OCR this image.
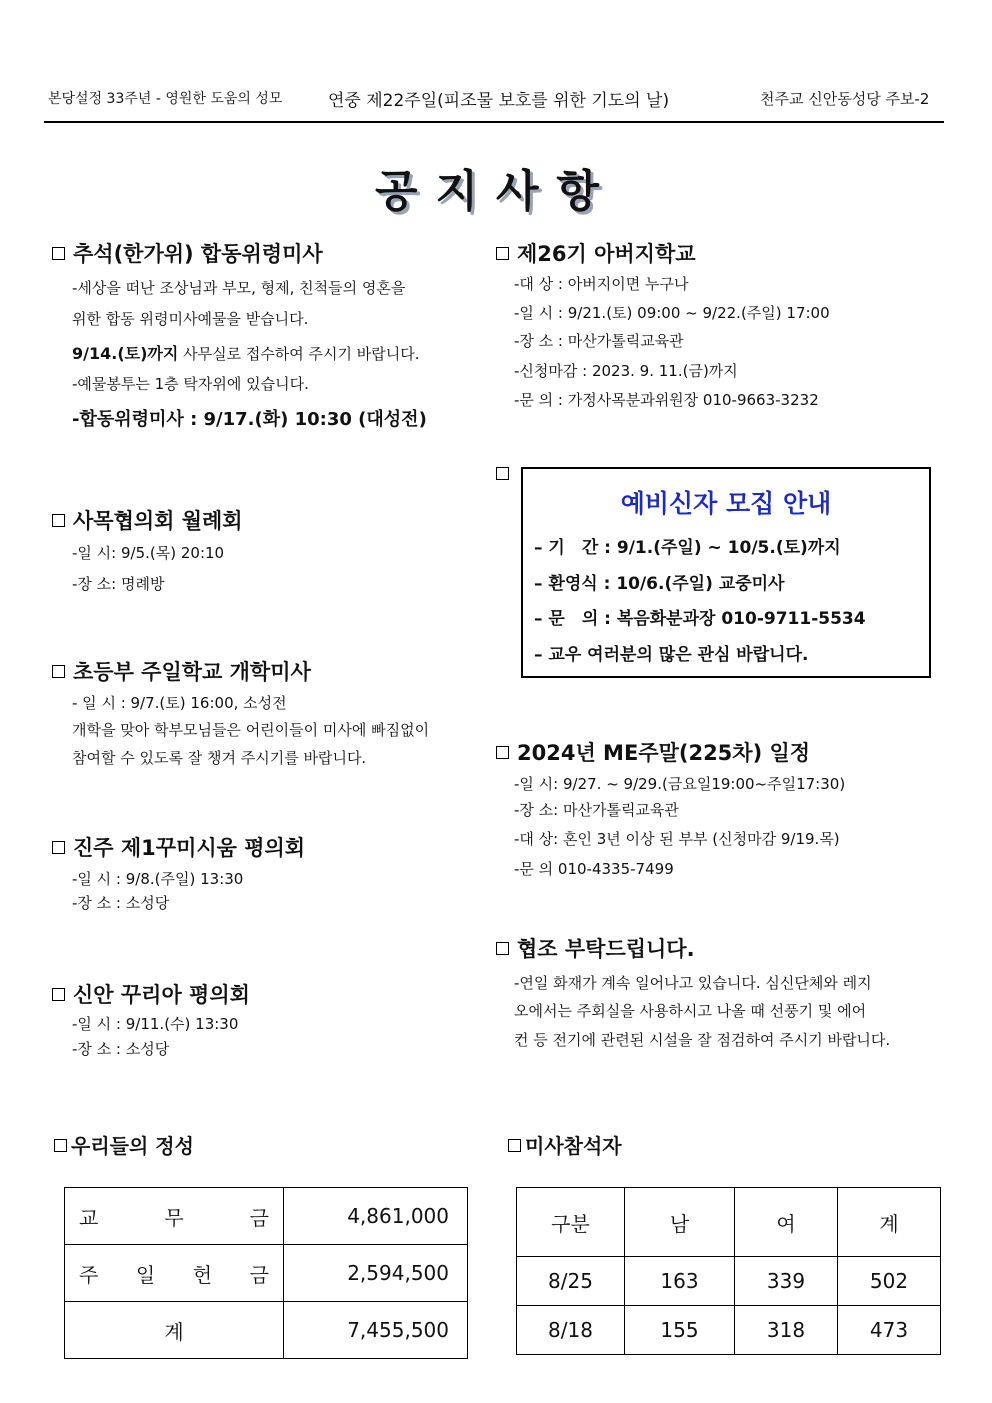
본당설정 33주년 - 영원한 도움의 성모	연중 제22주일(피조물 보호를 위한 기도의 날)	천주교 신안동성당 주보-2
공지사항
추석(한가위) 합동위령미사
-세상을 떠난 조상님과 부모, 형제, 친척들의 영혼을
위한 합동 위령미사예물을 받습니다.
9/14.(토)까지 사무실로 접수하여 주시기 바랍니다.
-예물봉투는 1층 탁자위에 있습니다.
-합동위령미사 : 9/17.(화) 10:30 (대성전)
사목협의회 월례회
-일 시: 9/5.(목) 20:10
-장 소: 명례방
초등부 주일학교 개학미사
- 일 시 : 9/7.(토) 16:00, 소성전
개학을 맞아 학부모님들은 어린이들이 미사에 빠짐없이
참여할 수 있도록 잘 챙겨 주시기를 바랍니다.
진주 제1꾸미시움 평의회
-일 시 : 9/8.(주일) 13:30
-장 소 : 소성당
신안 꾸리아 평의회
-일 시 : 9/11.(수) 13:30
-장 소 : 소성당
제26기 아버지학교
-대 상 : 아버지이면 누구나
-일 시 : 9/21.(토) 09:00 ~ 9/22.(주일) 17:00
-장 소 : 마산가톨릭교육관
-신청마감 : 2023. 9. 11.(금)까지
-문 의 : 가정사목분과위원장 010-9663-3232
예비신자 모집 안내
– 기　간 : 9/1.(주일) ~ 10/5.(토)까지
– 환영식 : 10/6.(주일) 교중미사
– 문　의 : 복음화분과장 010-9711-5534
– 교우 여러분의 많은 관심 바랍니다.
2024년 ME주말(225차) 일정
-일 시: 9/27. ~ 9/29.(금요일19:00~주일17:30)
-장 소: 마산가톨릭교육관
-대 상: 혼인 3년 이상 된 부부 (신청마감 9/19.목)
-문 의 010-4335-7499
협조 부탁드립니다.
-연일 화재가 계속 일어나고 있습니다. 심신단체와 레지
오에서는 주회실을 사용하시고 나올 때 선풍기 및 에어
컨 등 전기에 관련된 시설을 잘 점검하여 주시기 바랍니다.
우리들의 정성
교 무 금	4,861,000

주 일 헌 금	2,594,500
계	7,455,500
미사참석자
구분	남	여	계
8/25	163	339	502
8/18	155	318	473
